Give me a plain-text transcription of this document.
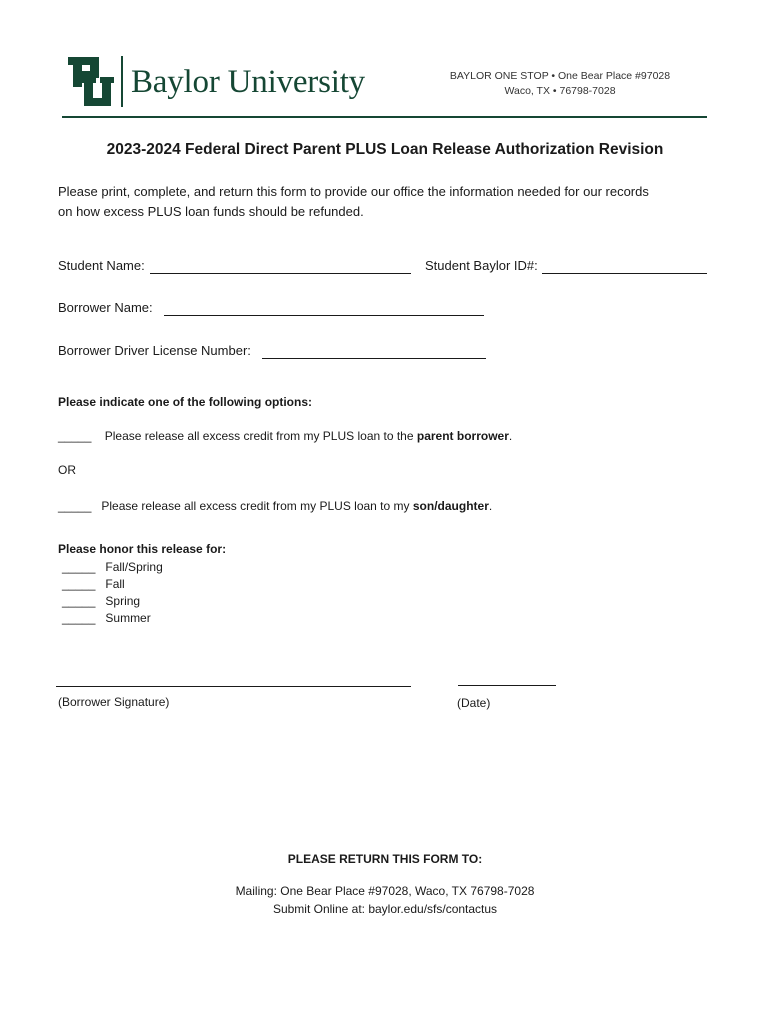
Baylor University	BAYLOR ONE STOP • One Bear Place #97028
Waco, TX • 76798-7028
2023-2024 Federal Direct Parent PLUS Loan Release Authorization Revision
Please print, complete, and return this form to provide our office the information needed for our records
on how excess PLUS loan funds should be refunded.
Student Name:	Student Baylor ID#:
Borrower Name:
Borrower Driver License Number:
Please indicate one of the following options:
_____ Please release all excess credit from my PLUS loan to the parent borrower.
OR
_____ Please release all excess credit from my PLUS loan to my son/daughter.
Please honor this release for:
_____ Fall/Spring
_____ Fall
_____ Spring
_____ Summer
(Borrower Signature)	(Date)
PLEASE RETURN THIS FORM TO:
Mailing: One Bear Place #97028, Waco, TX 76798-7028
Submit Online at: baylor.edu/sfs/contactus
